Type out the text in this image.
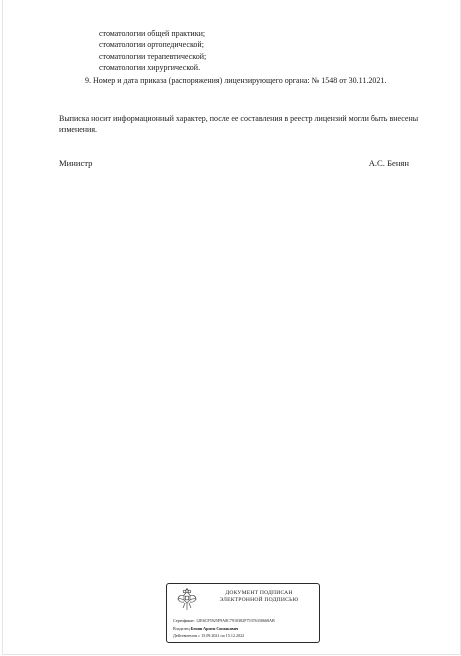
стоматологии общей практики;
стоматологии ортопедической;
стоматологии терапевтической;
стоматологии хирургической.
9. Номер и дата приказа (распоряжения) лицензирующего органа: № 1548 от 30.11.2021.
Выписка носит информационный характер, после ее составления в реестр лицензий могли быть внесены изменения.
Министр	А.С. Бенян
ДОКУМЕНТ ПОДПИСАН
ЭЛЕКТРОННОЙ ПОДПИСЬЮ
Сертификат: 12E6CF5925F9A8C7910382F75376330668AB
Владелец:Бенян Армен Сюмакович
Действителен с 15.09.2021 по 15.12.2022
